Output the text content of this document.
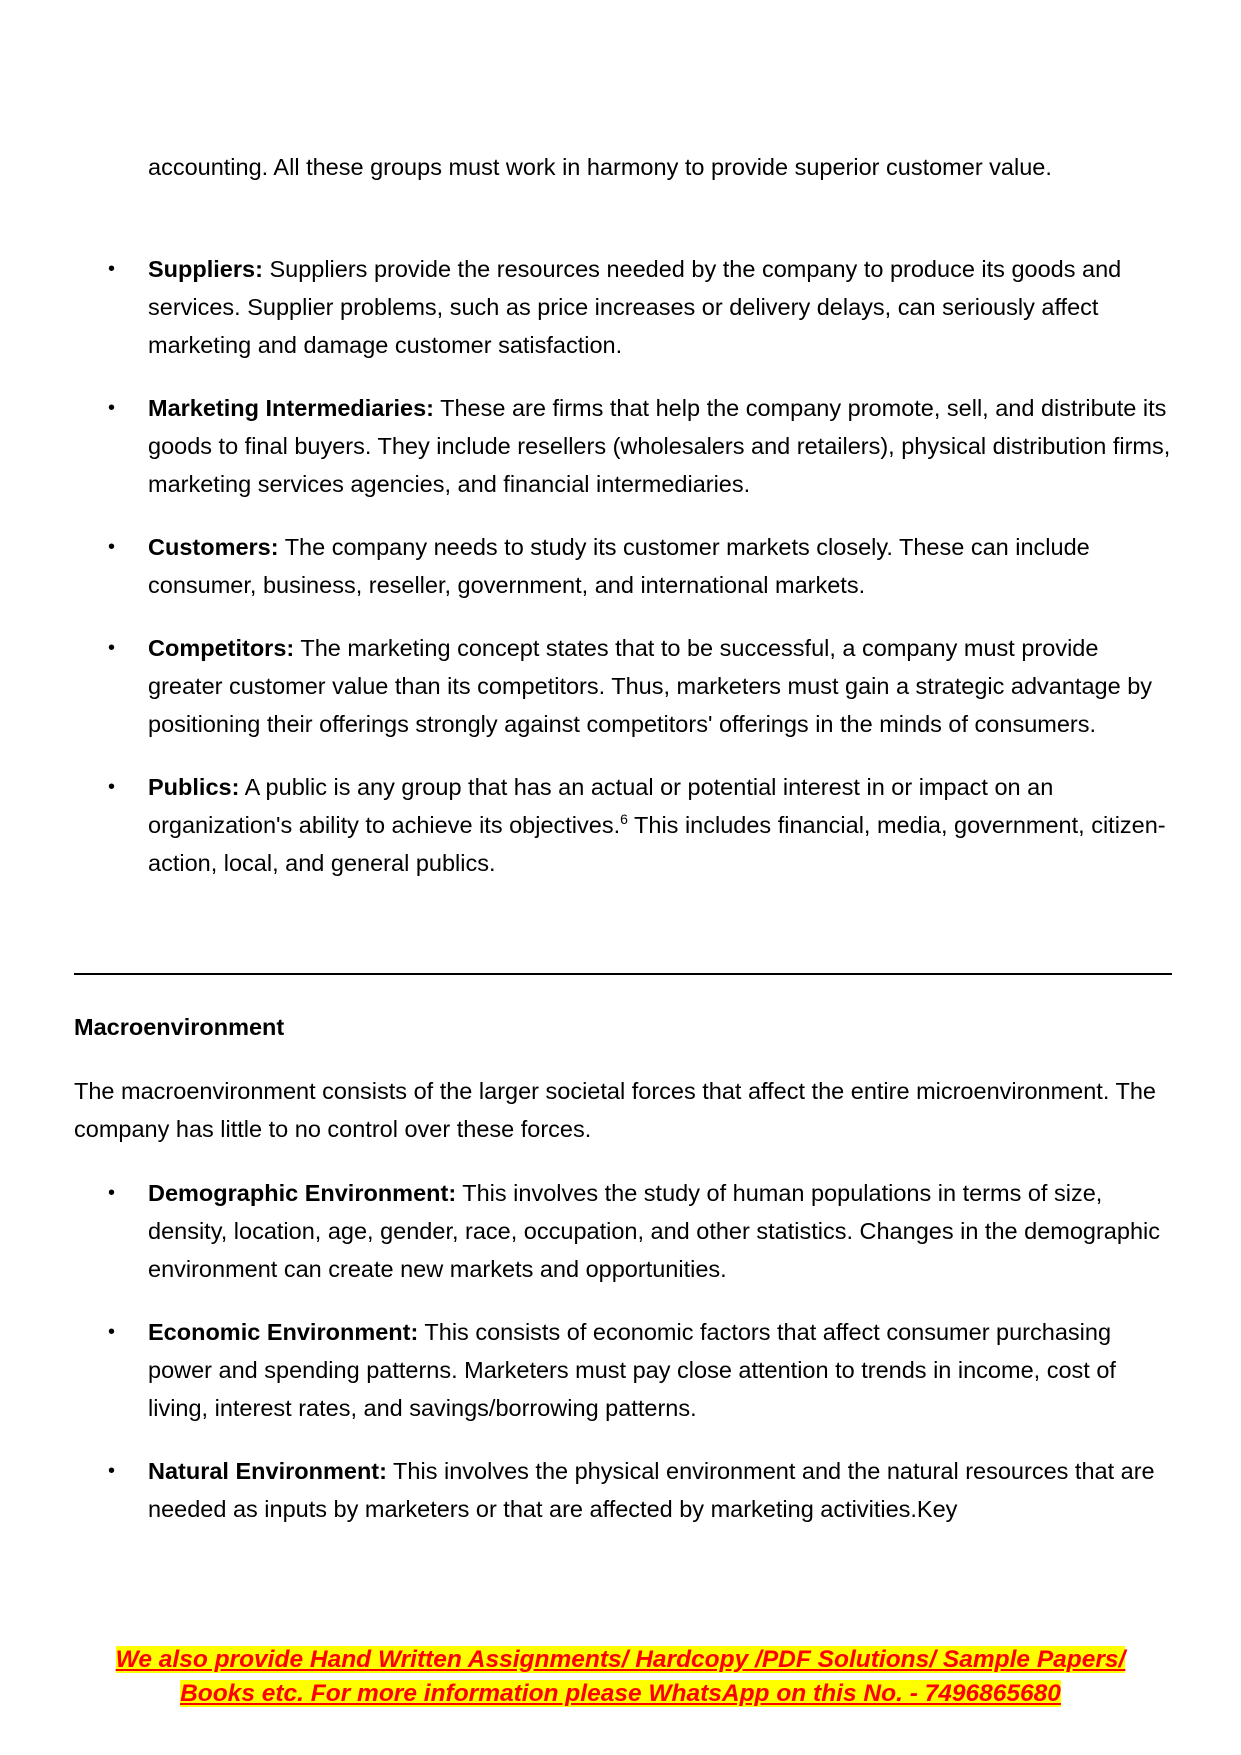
accounting. All these groups must work in harmony to provide superior customer value.

• Suppliers: Suppliers provide the resources needed by the company to produce its goods and services. Supplier problems, such as price increases or delivery delays, can seriously affect marketing and damage customer satisfaction.
• Marketing Intermediaries: These are firms that help the company promote, sell, and distribute its goods to final buyers. They include resellers (wholesalers and retailers), physical distribution firms, marketing services agencies, and financial intermediaries.
• Customers: The company needs to study its customer markets closely. These can include consumer, business, reseller, government, and international markets.
• Competitors: The marketing concept states that to be successful, a company must provide greater customer value than its competitors. Thus, marketers must gain a strategic advantage by positioning their offerings strongly against competitors' offerings in the minds of consumers.
• Publics: A public is any group that has an actual or potential interest in or impact on an organization's ability to achieve its objectives.$^6$ This includes financial, media, government, citizen-action, local, and general publics.
Macroenvironment

The macroenvironment consists of the larger societal forces that affect the entire microenvironment. The company has little to no control over these forces.

• Demographic Environment: This involves the study of human populations in terms of size, density, location, age, gender, race, occupation, and other statistics. Changes in the demographic environment can create new markets and opportunities.
• Economic Environment: This consists of economic factors that affect consumer purchasing power and spending patterns. Marketers must pay close attention to trends in income, cost of living, interest rates, and savings/borrowing patterns.
• Natural Environment: This involves the physical environment and the natural resources that are needed as inputs by marketers or that are affected by marketing activities.Key
We also provide Hand Written Assignments/ Hardcopy /PDF Solutions/ Sample Papers/
Books etc. For more information please WhatsApp on this No. - 7496865680
